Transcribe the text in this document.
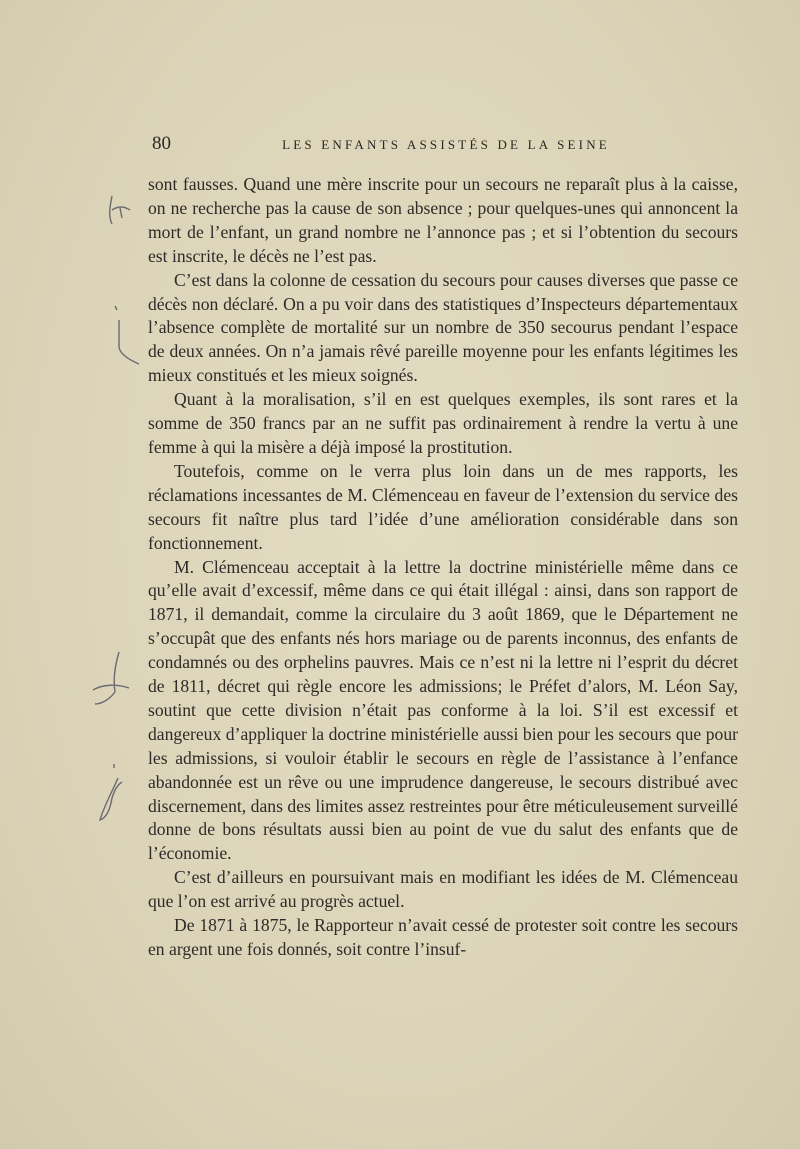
80	LES ENFANTS ASSISTÉS DE LA SEINE

sont fausses. Quand une mère inscrite pour un secours ne reparaît plus à la caisse, on ne recherche pas la cause de son absence ; pour quelques-unes qui annoncent la mort de l’enfant, un grand nombre ne l’annonce pas ; et si l’obtention du secours est inscrite, le décès ne l’est pas.

C’est dans la colonne de cessation du secours pour causes diverses que passe ce décès non déclaré. On a pu voir dans des statistiques d’Inspecteurs départementaux l’absence complète de mortalité sur un nombre de 350 secourus pendant l’espace de deux années. On n’a jamais rêvé pareille moyenne pour les enfants légitimes les mieux constitués et les mieux soignés.

Quant à la moralisation, s’il en est quelques exemples, ils sont rares et la somme de 350 francs par an ne suffit pas ordinairement à rendre la vertu à une femme à qui la misère a déjà imposé la prostitution.

Toutefois, comme on le verra plus loin dans un de mes rapports, les réclamations incessantes de M. Clémenceau en faveur de l’extension du service des secours fit naître plus tard l’idée d’une amélioration considérable dans son fonctionnement.

M. Clémenceau acceptait à la lettre la doctrine ministérielle même dans ce qu’elle avait d’excessif, même dans ce qui était illégal : ainsi, dans son rapport de 1871, il demandait, comme la circulaire du 3 août 1869, que le Département ne s’occupât que des enfants nés hors mariage ou de parents inconnus, des enfants de condamnés ou des orphelins pauvres. Mais ce n’est ni la lettre ni l’esprit du décret de 1811, décret qui règle encore les admissions; le Préfet d’alors, M. Léon Say, soutint que cette division n’était pas conforme à la loi. S’il est excessif et dangereux d’appliquer la doctrine ministérielle aussi bien pour les secours que pour les admissions, si vouloir établir le secours en règle de l’assistance à l’enfance abandonnée est un rêve ou une imprudence dangereuse, le secours distribué avec discernement, dans des limites assez restreintes pour être méticuleusement surveillé donne de bons résultats aussi bien au point de vue du salut des enfants que de l’économie.

C’est d’ailleurs en poursuivant mais en modifiant les idées de M. Clémenceau que l’on est arrivé au progrès actuel.

De 1871 à 1875, le Rapporteur n’avait cessé de protester soit contre les secours en argent une fois donnés, soit contre l’insuf-
